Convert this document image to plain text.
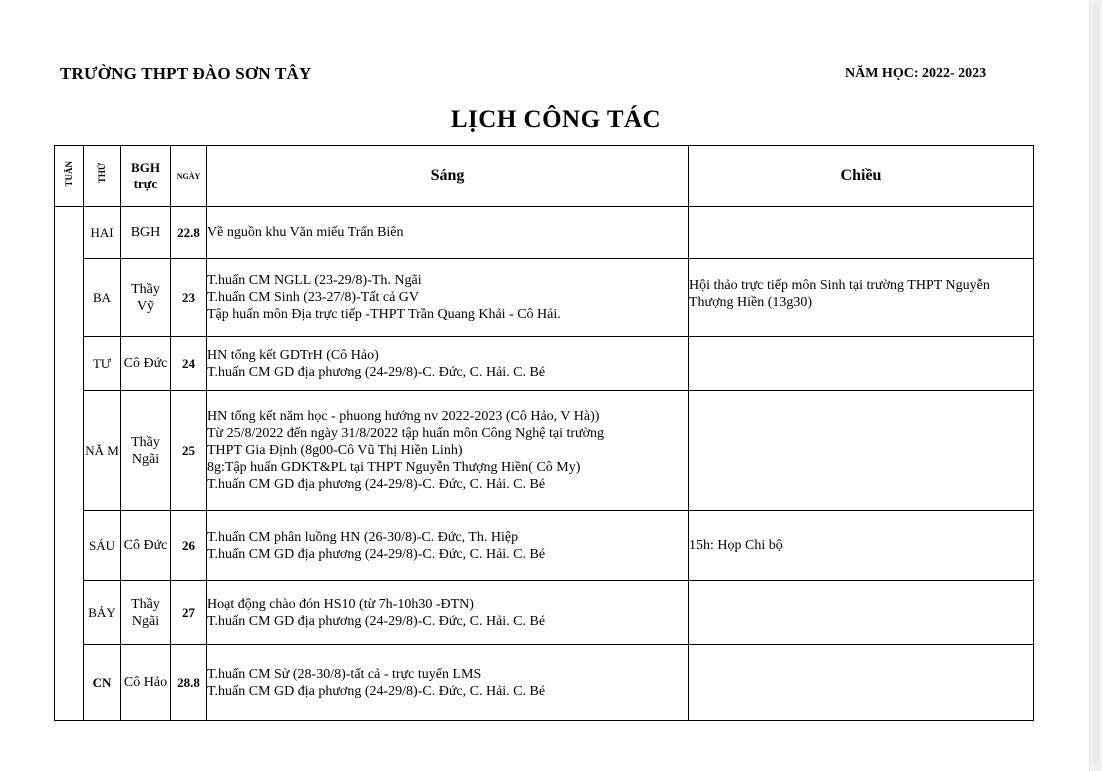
TRƯỜNG THPT ĐÀO SƠN TÂY	NĂM HỌC: 2022- 2023
LỊCH CÔNG TÁC
TUẦN	THỨ	BGH trực	NGÀY	Sáng	Chiều
	HAI	BGH	22.8	Về nguồn khu Văn miếu Trấn Biên	

	BA	Thầy Vỹ	23	T.huấn CM NGLL (23-29/8)-Th. Ngãi
T.huấn CM Sinh (23-27/8)-Tất cả GV
Tập huấn môn Địa trực tiếp -THPT Trần Quang Khải - Cô Hải.	Hội thảo trực tiếp môn Sinh tại trường THPT Nguyễn Thượng Hiền (13g30)

	TƯ	Cô Đức	24	HN tổng kết GDTrH (Cô Hảo)
T.huấn CM GD địa phương (24-29/8)-C. Đức, C. Hải. C. Bé	

	NĂ M	Thầy Ngãi	25	HN tổng kết năm học - phuong hướng nv 2022-2023 (Cô Hảo, V Hà))
Từ 25/8/2022 đến ngày 31/8/2022 tập huấn môn Công Nghệ tại trường
THPT Gia Định (8g00-Cô Vũ Thị Hiền Linh)
8g:Tập huấn GDKT&PL tại THPT Nguyễn Thượng Hiền( Cô My)
T.huấn CM GD địa phương (24-29/8)-C. Đức, C. Hải. C. Bé	

	SÁU	Cô Đức	26	T.huấn CM phân luồng HN (26-30/8)-C. Đức, Th. Hiệp
T.huấn CM GD địa phương (24-29/8)-C. Đức, C. Hải. C. Bé	15h: Họp Chi bộ

	BẢY	Thầy Ngãi	27	Hoạt động chào đón HS10 (từ 7h-10h30 -ĐTN)
T.huấn CM GD địa phương (24-29/8)-C. Đức, C. Hải. C. Bé	

	CN	Cô Hảo	28.8	T.huấn CM Sử (28-30/8)-tất cả - trực tuyến LMS
T.huấn CM GD địa phương (24-29/8)-C. Đức, C. Hải. C. Bé	
